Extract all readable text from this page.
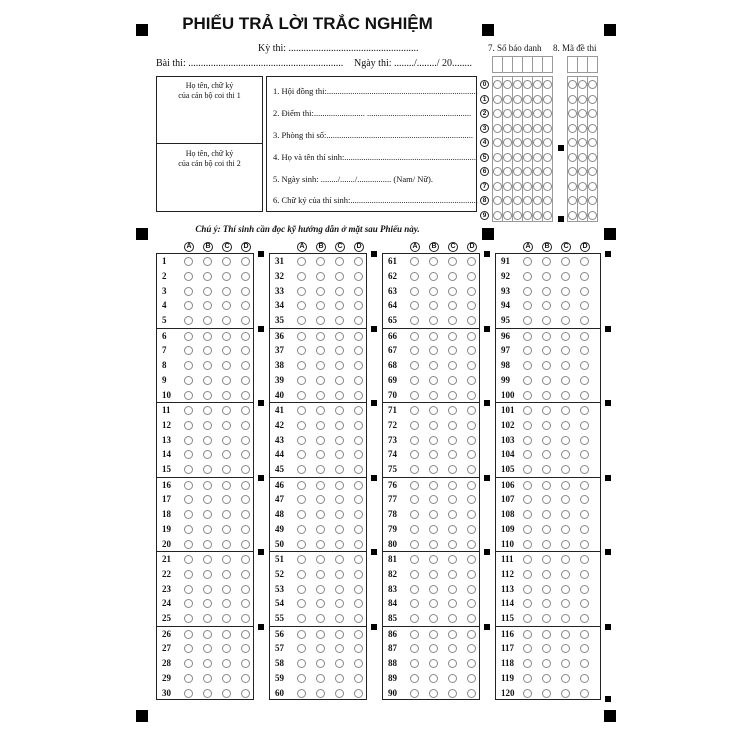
PHIẾU TRẢ LỜI TRẮC NGHIỆM
Kỳ thi: ....................................................
Bài thi: .............................................................. Ngày thi: ......../......../ 20........
Họ tên, chữ ký
của cán bộ coi thi 1
Họ tên, chữ ký
của cán bộ coi thi 2
1. Hội đồng thi:.......................................................................
2. Điểm thi:........................ .................................................
3. Phòng thi số:.....................................................................
4. Họ và tên thí sinh:..............................................................
5. Ngày sinh: ......../......./................ (Nam/ Nữ).
6. Chữ ký của thí sinh:............................................................
7. Số báo danh 8. Mã đề thi
Chú ý: Thí sinh cần đọc kỹ hướng dẫn ở mặt sau Phiếu này.
0
1
2
3
4
5
6
7
8
9
A	B	C	D
1
2
3
4
5
6
7
8
9
10
11
12
13
14
15
16
17
18
19
20
21
22
23
24
25
26
27
28
29
30
A	B	C	D
31
32
33
34
35
36
37
38
39
40
41
42
43
44
45
46
47
48
49
50
51
52
53
54
55
56
57
58
59
60
A	B	C	D
61
62
63
64
65
66
67
68
69
70
71
72
73
74
75
76
77
78
79
80
81
82
83
84
85
86
87
88
89
90
A	B	C	D
91
92
93
94
95
96
97
98
99
100
101
102
103
104
105
106
107
108
109
110
111
112
113
114
115
116
117
118
119
120
